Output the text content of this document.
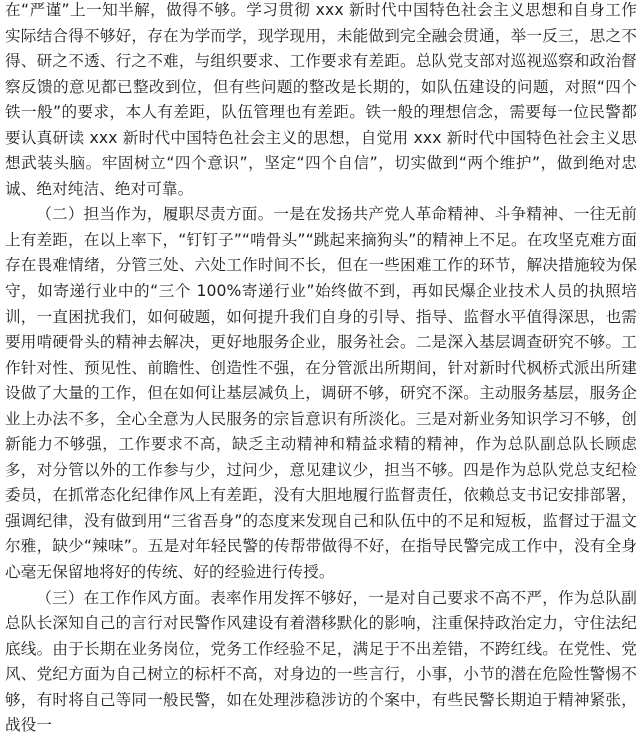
在“严谨”上一知半解，做得不够。学习贯彻 xxx 新时代中国特色社会主义思想和自身工作实际结合得不够好，存在为学而学，现学现用，未能做到完全融会贯通，举一反三，思之不得、研之不透、行之不难，与组织要求、工作要求有差距。总队党支部对巡视巡察和政治督察反馈的意见都已整改到位，但有些问题的整改是长期的，如队伍建设的问题，对照“四个铁一般”的要求，本人有差距，队伍管理也有差距。铁一般的理想信念，需要每一位民警都要认真研读 xxx 新时代中国特色社会主义的思想，自觉用 xxx 新时代中国特色社会主义思想武装头脑。牢固树立“四个意识”，坚定“四个自信”，切实做到“两个维护”，做到绝对忠诚、绝对纯洁、绝对可靠。

（二）担当作为，履职尽责方面。一是在发扬共产党人革命精神、斗争精神、一往无前上有差距，在以上率下，“钉钉子”“啃骨头”“跳起来摘狗头”的精神上不足。在攻坚克难方面存在畏难情绪，分管三处、六处工作时间不长，但在一些困难工作的环节，解决措施较为保守，如寄递行业中的“三个 100%寄递行业”始终做不到，再如民爆企业技术人员的执照培训，一直困扰我们，如何破题，如何提升我们自身的引导、指导、监督水平值得深思，也需要用啃硬骨头的精神去解决，更好地服务企业，服务社会。二是深入基层调查研究不够。工作针对性、预见性、前瞻性、创造性不强，在分管派出所期间，针对新时代枫桥式派出所建设做了大量的工作，但在如何让基层减负上，调研不够，研究不深。主动服务基层，服务企业上办法不多，全心全意为人民服务的宗旨意识有所淡化。三是对新业务知识学习不够，创新能力不够强，工作要求不高，缺乏主动精神和精益求精的精神，作为总队副总队长顾虑多，对分管以外的工作参与少，过问少，意见建议少，担当不够。四是作为总队党总支纪检委员，在抓常态化纪律作风上有差距，没有大胆地履行监督责任，依赖总支书记安排部署，强调纪律，没有做到用“三省吾身”的态度来发现自己和队伍中的不足和短板，监督过于温文尔雅，缺少“辣味”。五是对年轻民警的传帮带做得不好，在指导民警完成工作中，没有全身心毫无保留地将好的传统、好的经验进行传授。

（三）在工作作风方面。表率作用发挥不够好，一是对自己要求不高不严，作为总队副总队长深知自己的言行对民警作风建设有着潜移默化的影响，注重保持政治定力，守住法纪底线。由于长期在业务岗位，党务工作经验不足，满足于不出差错，不跨红线。在党性、党风、党纪方面为自己树立的标杆不高，对身边的一些言行，小事，小节的潜在危险性警惕不够，有时将自己等同一般民警，如在处理涉稳涉访的个案中，有些民警长期迫于精神紧张，战役一
